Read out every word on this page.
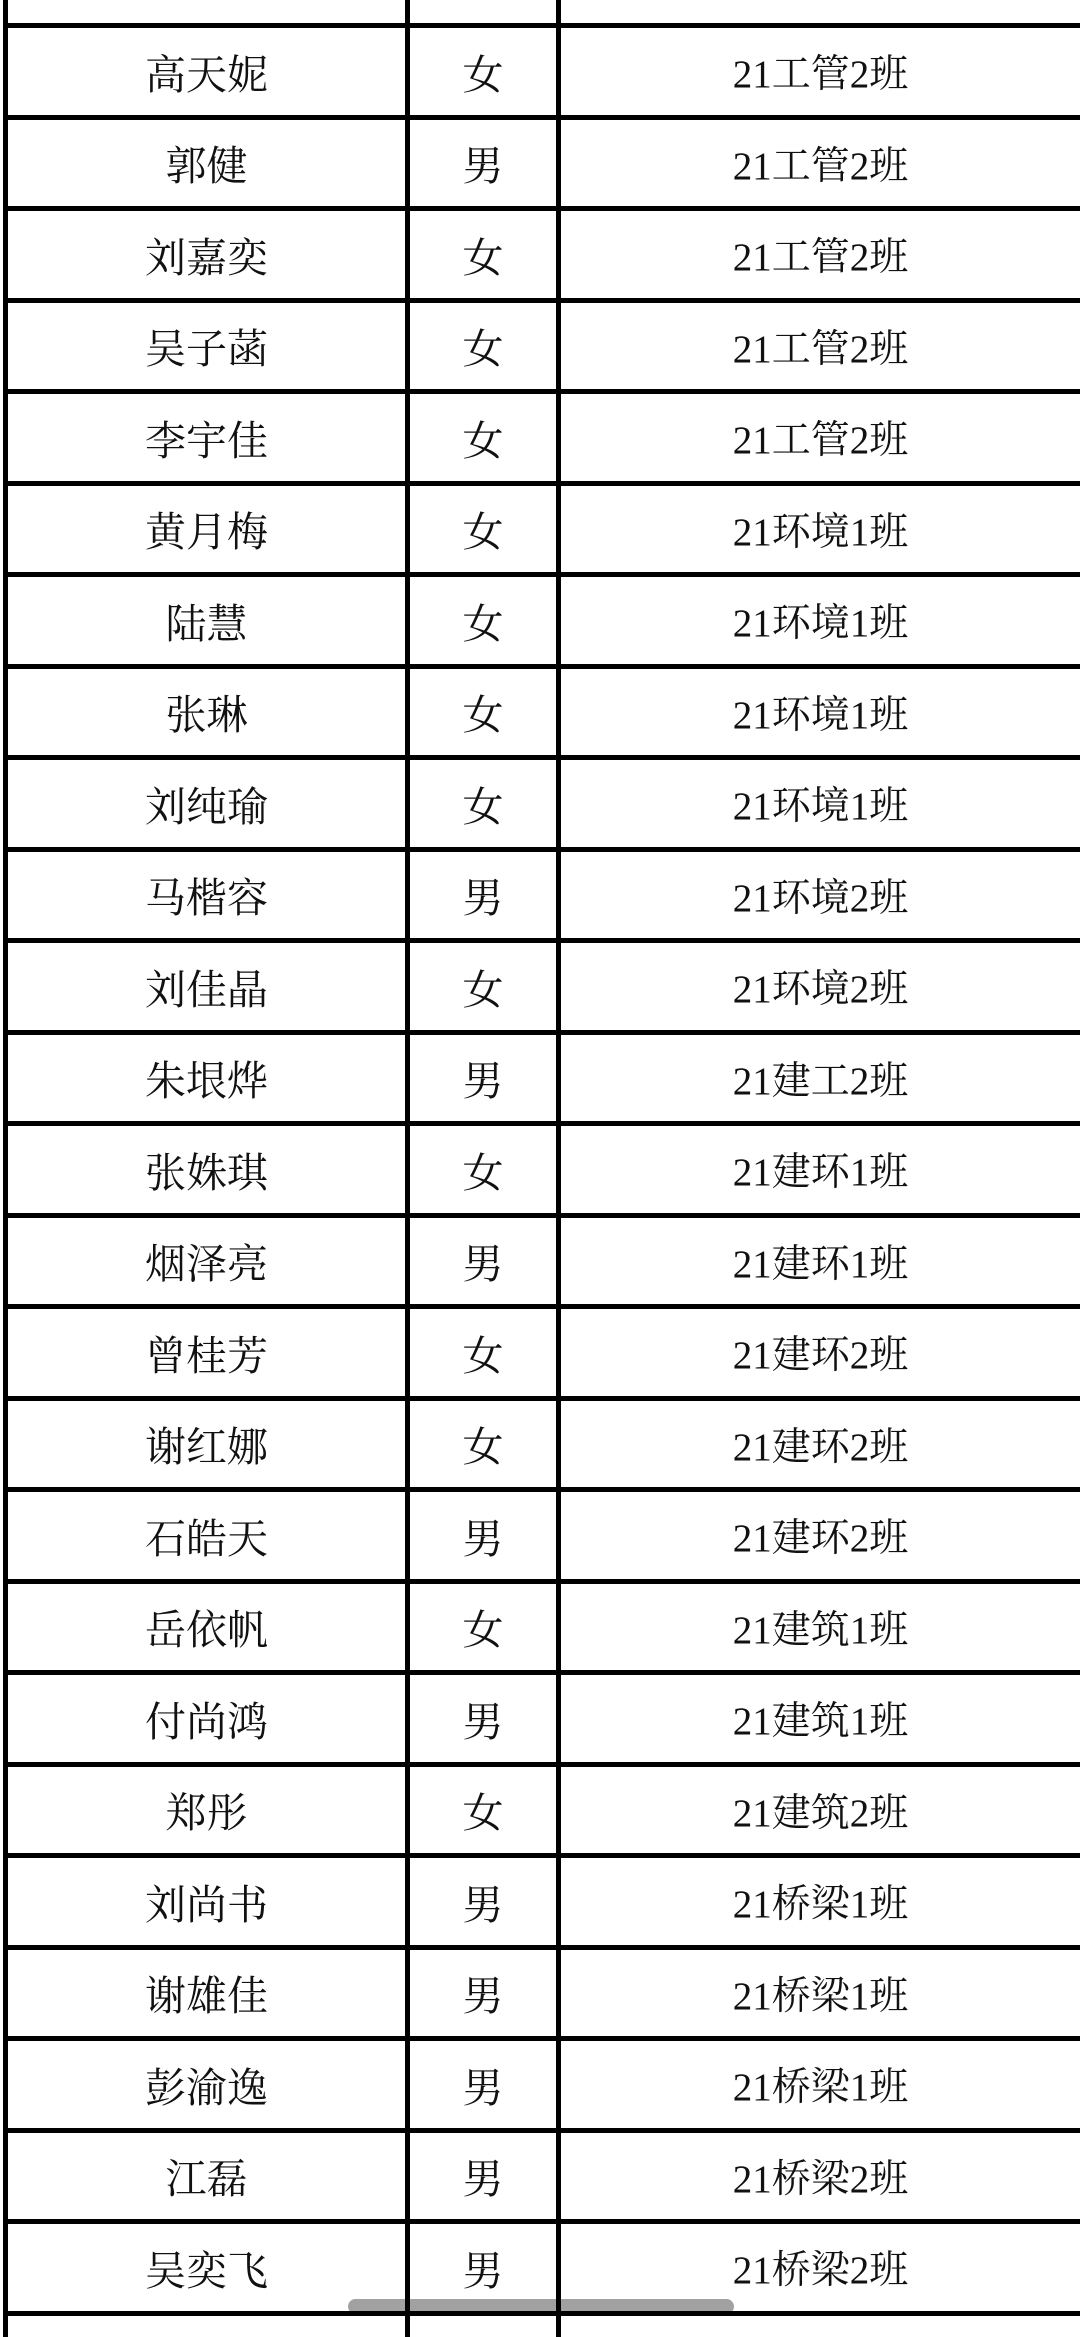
高天妮	女	21工管2班
郭健	男	21工管2班
刘嘉奕	女	21工管2班
吴子菡	女	21工管2班
李宇佳	女	21工管2班
黄月梅	女	21环境1班
陆慧	女	21环境1班
张琳	女	21环境1班
刘纯瑜	女	21环境1班
马楷容	男	21环境2班
刘佳晶	女	21环境2班
朱垠烨	男	21建工2班
张姝琪	女	21建环1班
烟泽亮	男	21建环1班
曾桂芳	女	21建环2班
谢红娜	女	21建环2班
石皓天	男	21建环2班
岳依帆	女	21建筑1班
付尚鸿	男	21建筑1班
郑彤	女	21建筑2班
刘尚书	男	21桥梁1班
谢雄佳	男	21桥梁1班
彭渝逸	男	21桥梁1班
江磊	男	21桥梁2班
吴奕飞	男	21桥梁2班
